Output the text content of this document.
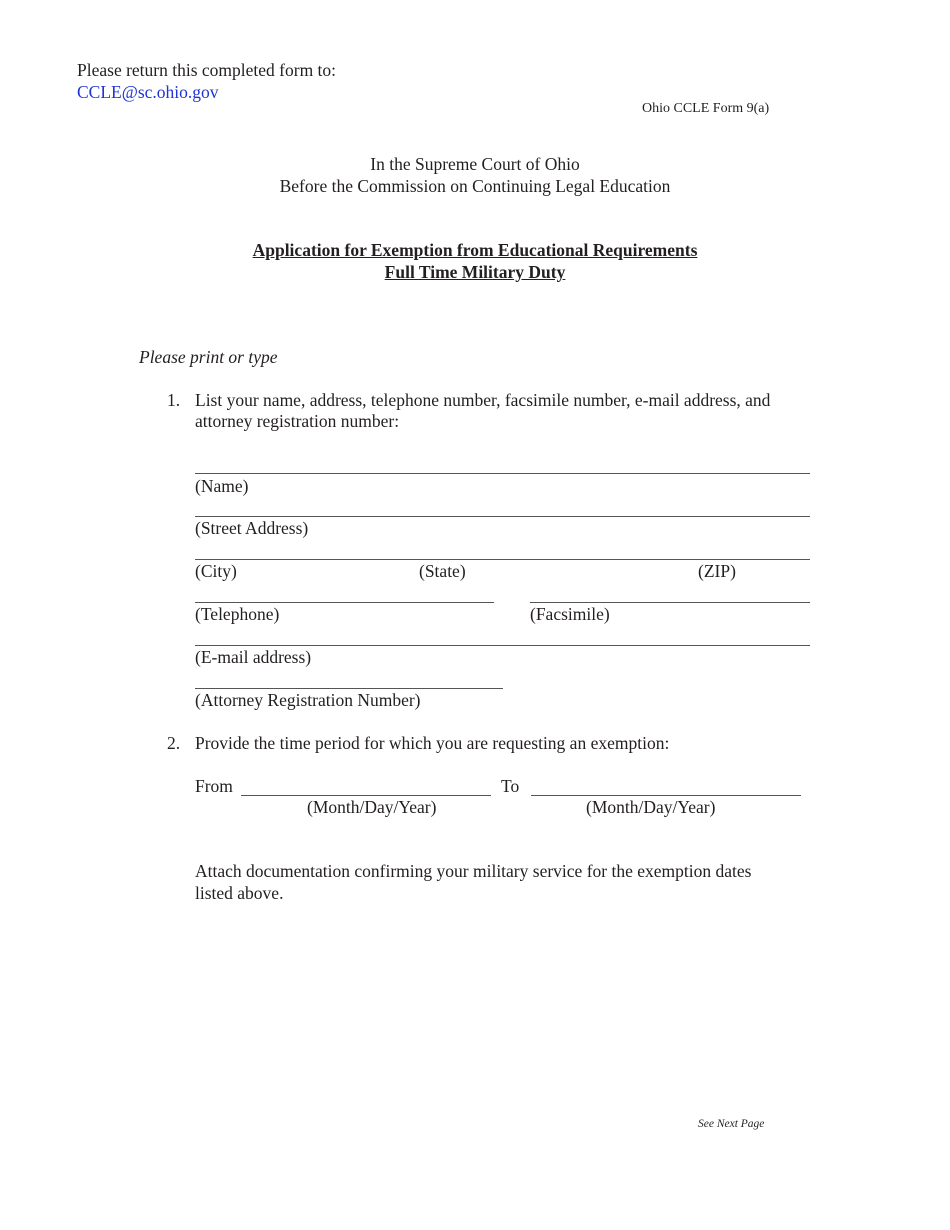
Please return this completed form to:
CCLE@sc.ohio.gov
Ohio CCLE Form 9(a)
In the Supreme Court of Ohio
Before the Commission on Continuing Legal Education
Application for Exemption from Educational Requirements
Full Time Military Duty
Please print or type
1. List your name, address, telephone number, facsimile number, e-mail address, and
attorney registration number:
(Name)
(Street Address)
(City)	(State)	(ZIP)
(Telephone)	(Facsimile)
(E-mail address)
(Attorney Registration Number)
2. Provide the time period for which you are requesting an exemption:
From	To
(Month/Day/Year)	(Month/Day/Year)
Attach documentation confirming your military service for the exemption dates
listed above.
See Next Page
